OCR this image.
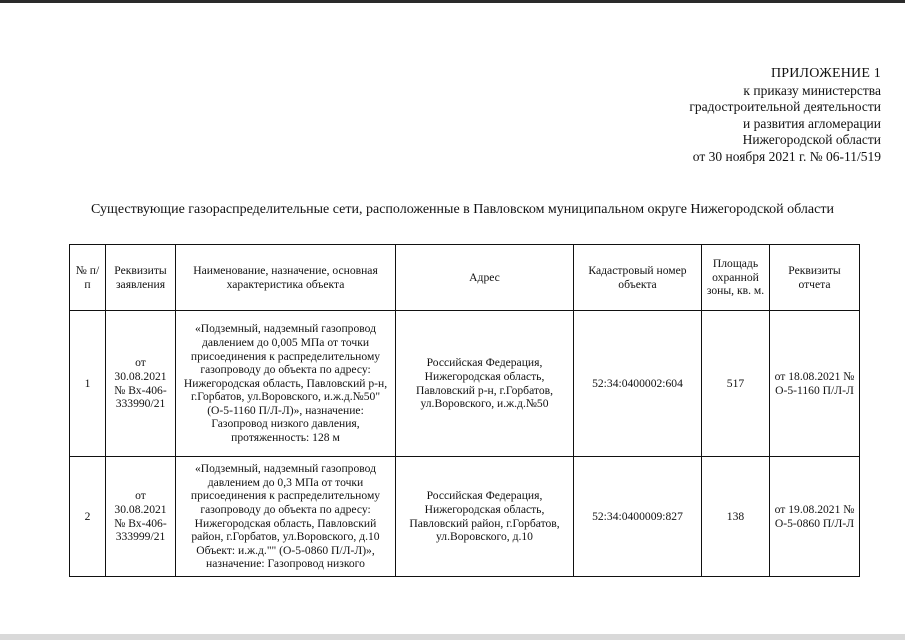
ПРИЛОЖЕНИЕ 1
к приказу министерства
градостроительной деятельности
и развития агломерации
Нижегородской области
от 30 ноября 2021 г. № 06-11/519
Существующие газораспределительные сети, расположенные в Павловском муниципальном округе Нижегородской области
№ п/п	Реквизиты заявления	Наименование, назначение, основная характеристика объекта	Адрес	Кадастровый номер объекта	Площадь охранной зоны, кв. м.	Реквизиты отчета
1	от 30.08.2021 № Вх-406-333990/21	«Подземный, надземный газопровод давлением до 0,005 МПа от точки присоединения к распределительному газопроводу до объекта по адресу: Нижегородская область, Павловский р-н, г.Горбатов, ул.Воровского, и.ж.д.№50" (О-5-1160 П/Л-Л)», назначение: Газопровод низкого давления, протяженность: 128 м	Российская Федерация, Нижегородская область, Павловский р-н, г.Горбатов, ул.Воровского, и.ж.д.№50	52:34:0400002:604	517	от 18.08.2021 № О-5-1160 П/Л-Л
2	от 30.08.2021 № Вх-406-333999/21	«Подземный, надземный газопровод давлением до 0,3 МПа от точки присоединения к распределительному газопроводу до объекта по адресу: Нижегородская область, Павловский район, г.Горбатов, ул.Воровского, д.10 Объект: и.ж.д."" (О-5-0860 П/Л-Л)», назначение: Газопровод низкого	Российская Федерация, Нижегородская область, Павловский район, г.Горбатов, ул.Воровского, д.10	52:34:0400009:827	138	от 19.08.2021 № О-5-0860 П/Л-Л
